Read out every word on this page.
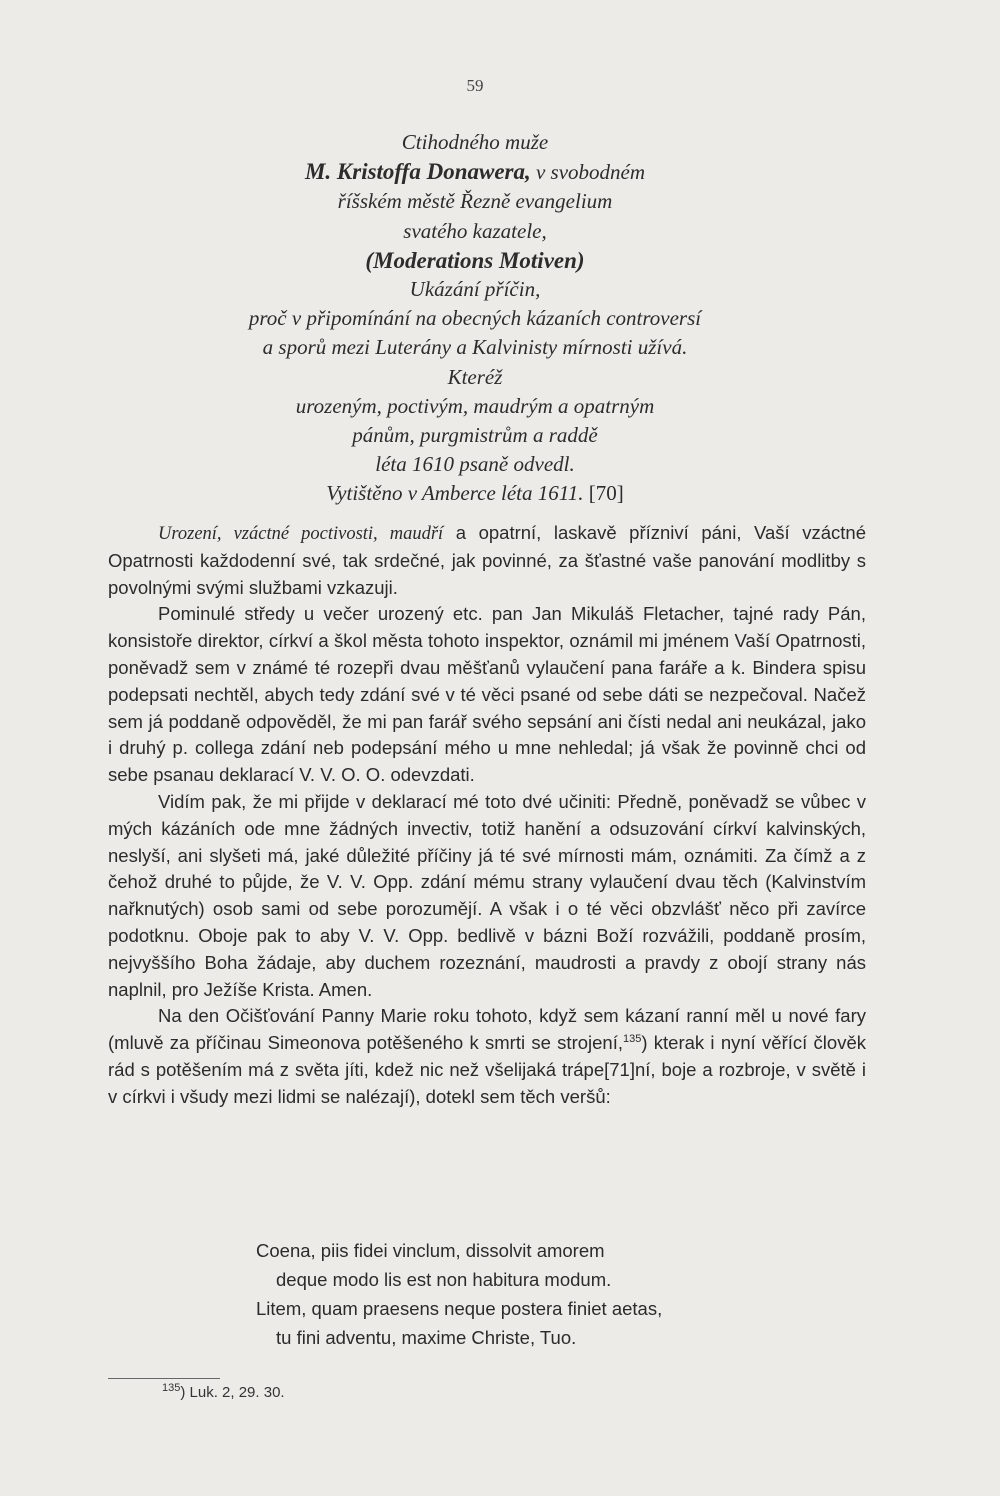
59
Ctihodného muže
M. Kristoffa Donawera, v svobodném
říšském městě Řezně evangelium
svatého kazatele,
(Moderations Motiven)
Ukázání příčin,
proč v připomínání na obecných kázaních controversí
a sporů mezi Luterány a Kalvinisty mírnosti užívá.
Kteréž
urozeným, poctivým, maudrým a opatrným
pánům, purgmistrům a raddě
léta 1610 psaně odvedl.
Vytištěno v Amberce léta 1611. [70]

Urození, vzáctné poctivosti, maudří a opatrní, laskavě přízniví páni, Vaší vzáctné Opatrnosti každodenní své, tak srdečné, jak povinné, za šťastné vaše panování modlitby s povolnými svými službami vzkazuji.

Pominulé středy u večer urozený etc. pan Jan Mikuláš Fletacher, tajné rady Pán, konsistoře direktor, církví a škol města tohoto inspektor, oznámil mi jménem Vaší Opatrnosti, poněvadž sem v známé té rozepři dvau měšťanů vylaučení pana faráře a k. Bindera spisu podepsati nechtěl, abych tedy zdání své v té věci psané od sebe dáti se nezpečoval. Načež sem já poddaně odpověděl, že mi pan farář svého sepsání ani čísti nedal ani neukázal, jako i druhý p. collega zdání neb podepsání mého u mne nehledal; já však že povinně chci od sebe psanau deklarací V. V. O. O. odevzdati.

Vidím pak, že mi přijde v deklarací mé toto dvé učiniti: Předně, poněvadž se vůbec v mých kázáních ode mne žádných invectiv, totiž hanění a odsuzování církví kalvinských, neslyší, ani slyšeti má, jaké důležité příčiny já té své mírnosti mám, oznámiti. Za čímž a z čehož druhé to půjde, že V. V. Opp. zdání mému strany vylaučení dvau těch (Kalvinstvím nařknutých) osob sami od sebe porozumějí. A však i o té věci obzvlášť něco při zavírce podotknu. Oboje pak to aby V. V. Opp. bedlivě v bázni Boží rozvážili, poddaně prosím, nejvyššího Boha žádaje, aby duchem rozeznání, maudrosti a pravdy z obojí strany nás naplnil, pro Ježíše Krista. Amen.

Na den Očišťování Panny Marie roku tohoto, když sem kázaní ranní měl u nové fary (mluvě za příčinau Simeonova potěšeného k smrti se strojení,$^{135}$) kterak i nyní věřící člověk rád s potěšením má z světa jíti, kdež nic než všelijaká trápe[71]ní, boje a rozbroje, v světě i v církvi i všudy mezi lidmi se nalézají), dotekl sem těch veršů:

Coena, piis fidei vinclum, dissolvit amorem
deque modo lis est non habitura modum.
Litem, quam praesens neque postera finiet aetas,
tu fini adventu, maxime Christe, Tuo.
$^{135}$) Luk. 2, 29. 30.
